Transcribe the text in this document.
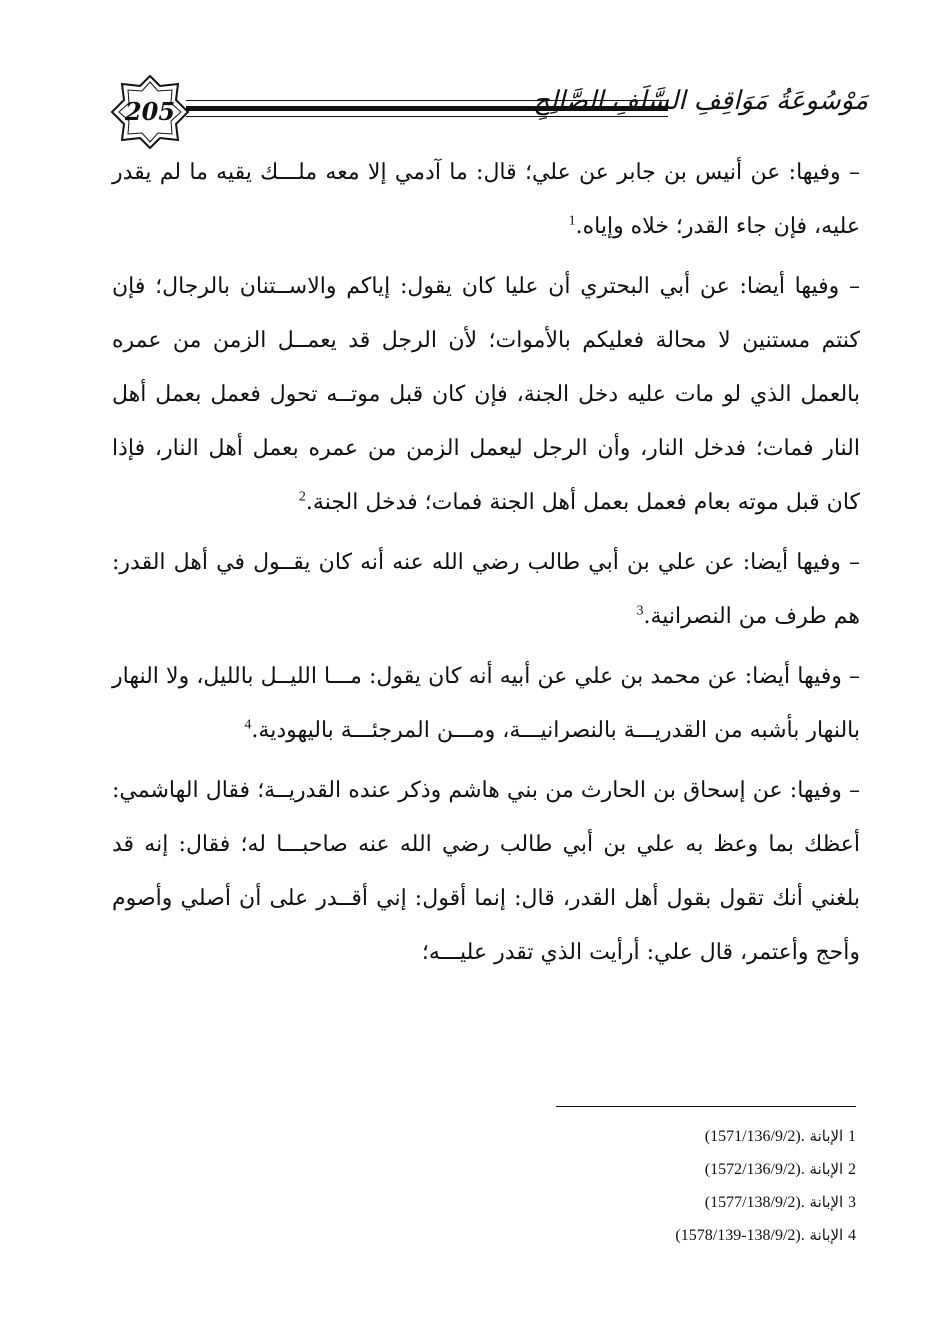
205	مَوْسُوعَةُ مَوَاقِفِ السَّلَفِ الصَّالِحِ

– وفيها: عن أنيس بن جابر عن علي؛ قال: ما آدمي إلا معه ملـــك يقيه ما لم يقدر عليه، فإن جاء القدر؛ خلاه وإياه.$^1$

– وفيها أيضا: عن أبي البحتري أن عليا كان يقول: إياكم والاســتنان بالرجال؛ فإن كنتم مستنين لا محالة فعليكم بالأموات؛ لأن الرجل قد يعمــل الزمن من عمره بالعمل الذي لو مات عليه دخل الجنة، فإن كان قبل موتــه تحول فعمل بعمل أهل النار فمات؛ فدخل النار، وأن الرجل ليعمل الزمن من عمره بعمل أهل النار، فإذا كان قبل موته بعام فعمل بعمل أهل الجنة فمات؛ فدخل الجنة.$^2$

– وفيها أيضا: عن علي بن أبي طالب رضي الله عنه أنه كان يقــول في أهل القدر: هم طرف من النصرانية.$^3$

– وفيها أيضا: عن محمد بن علي عن أبيه أنه كان يقول: مـــا الليــل بالليل، ولا النهار بالنهار بأشبه من القدريـــة بالنصرانيـــة، ومـــن المرجئـــة باليهودية.$^4$

– وفيها: عن إسحاق بن الحارث من بني هاشم وذكر عنده القدريــة؛ فقال الهاشمي: أعظك بما وعظ به علي بن أبي طالب رضي الله عنه صاحبـــا له؛ فقال: إنه قد بلغني أنك تقول بقول أهل القدر، قال: إنما أقول: إني أقــدر على أن أصلي وأصوم وأحج وأعتمر، قال علي: أرأيت الذي تقدر عليـــه؛

1 الإبانة (1571/136/9/2).
2 الإبانة (1572/136/9/2).
3 الإبانة (1577/138/9/2).
4 الإبانة (1578/139-138/9/2).
